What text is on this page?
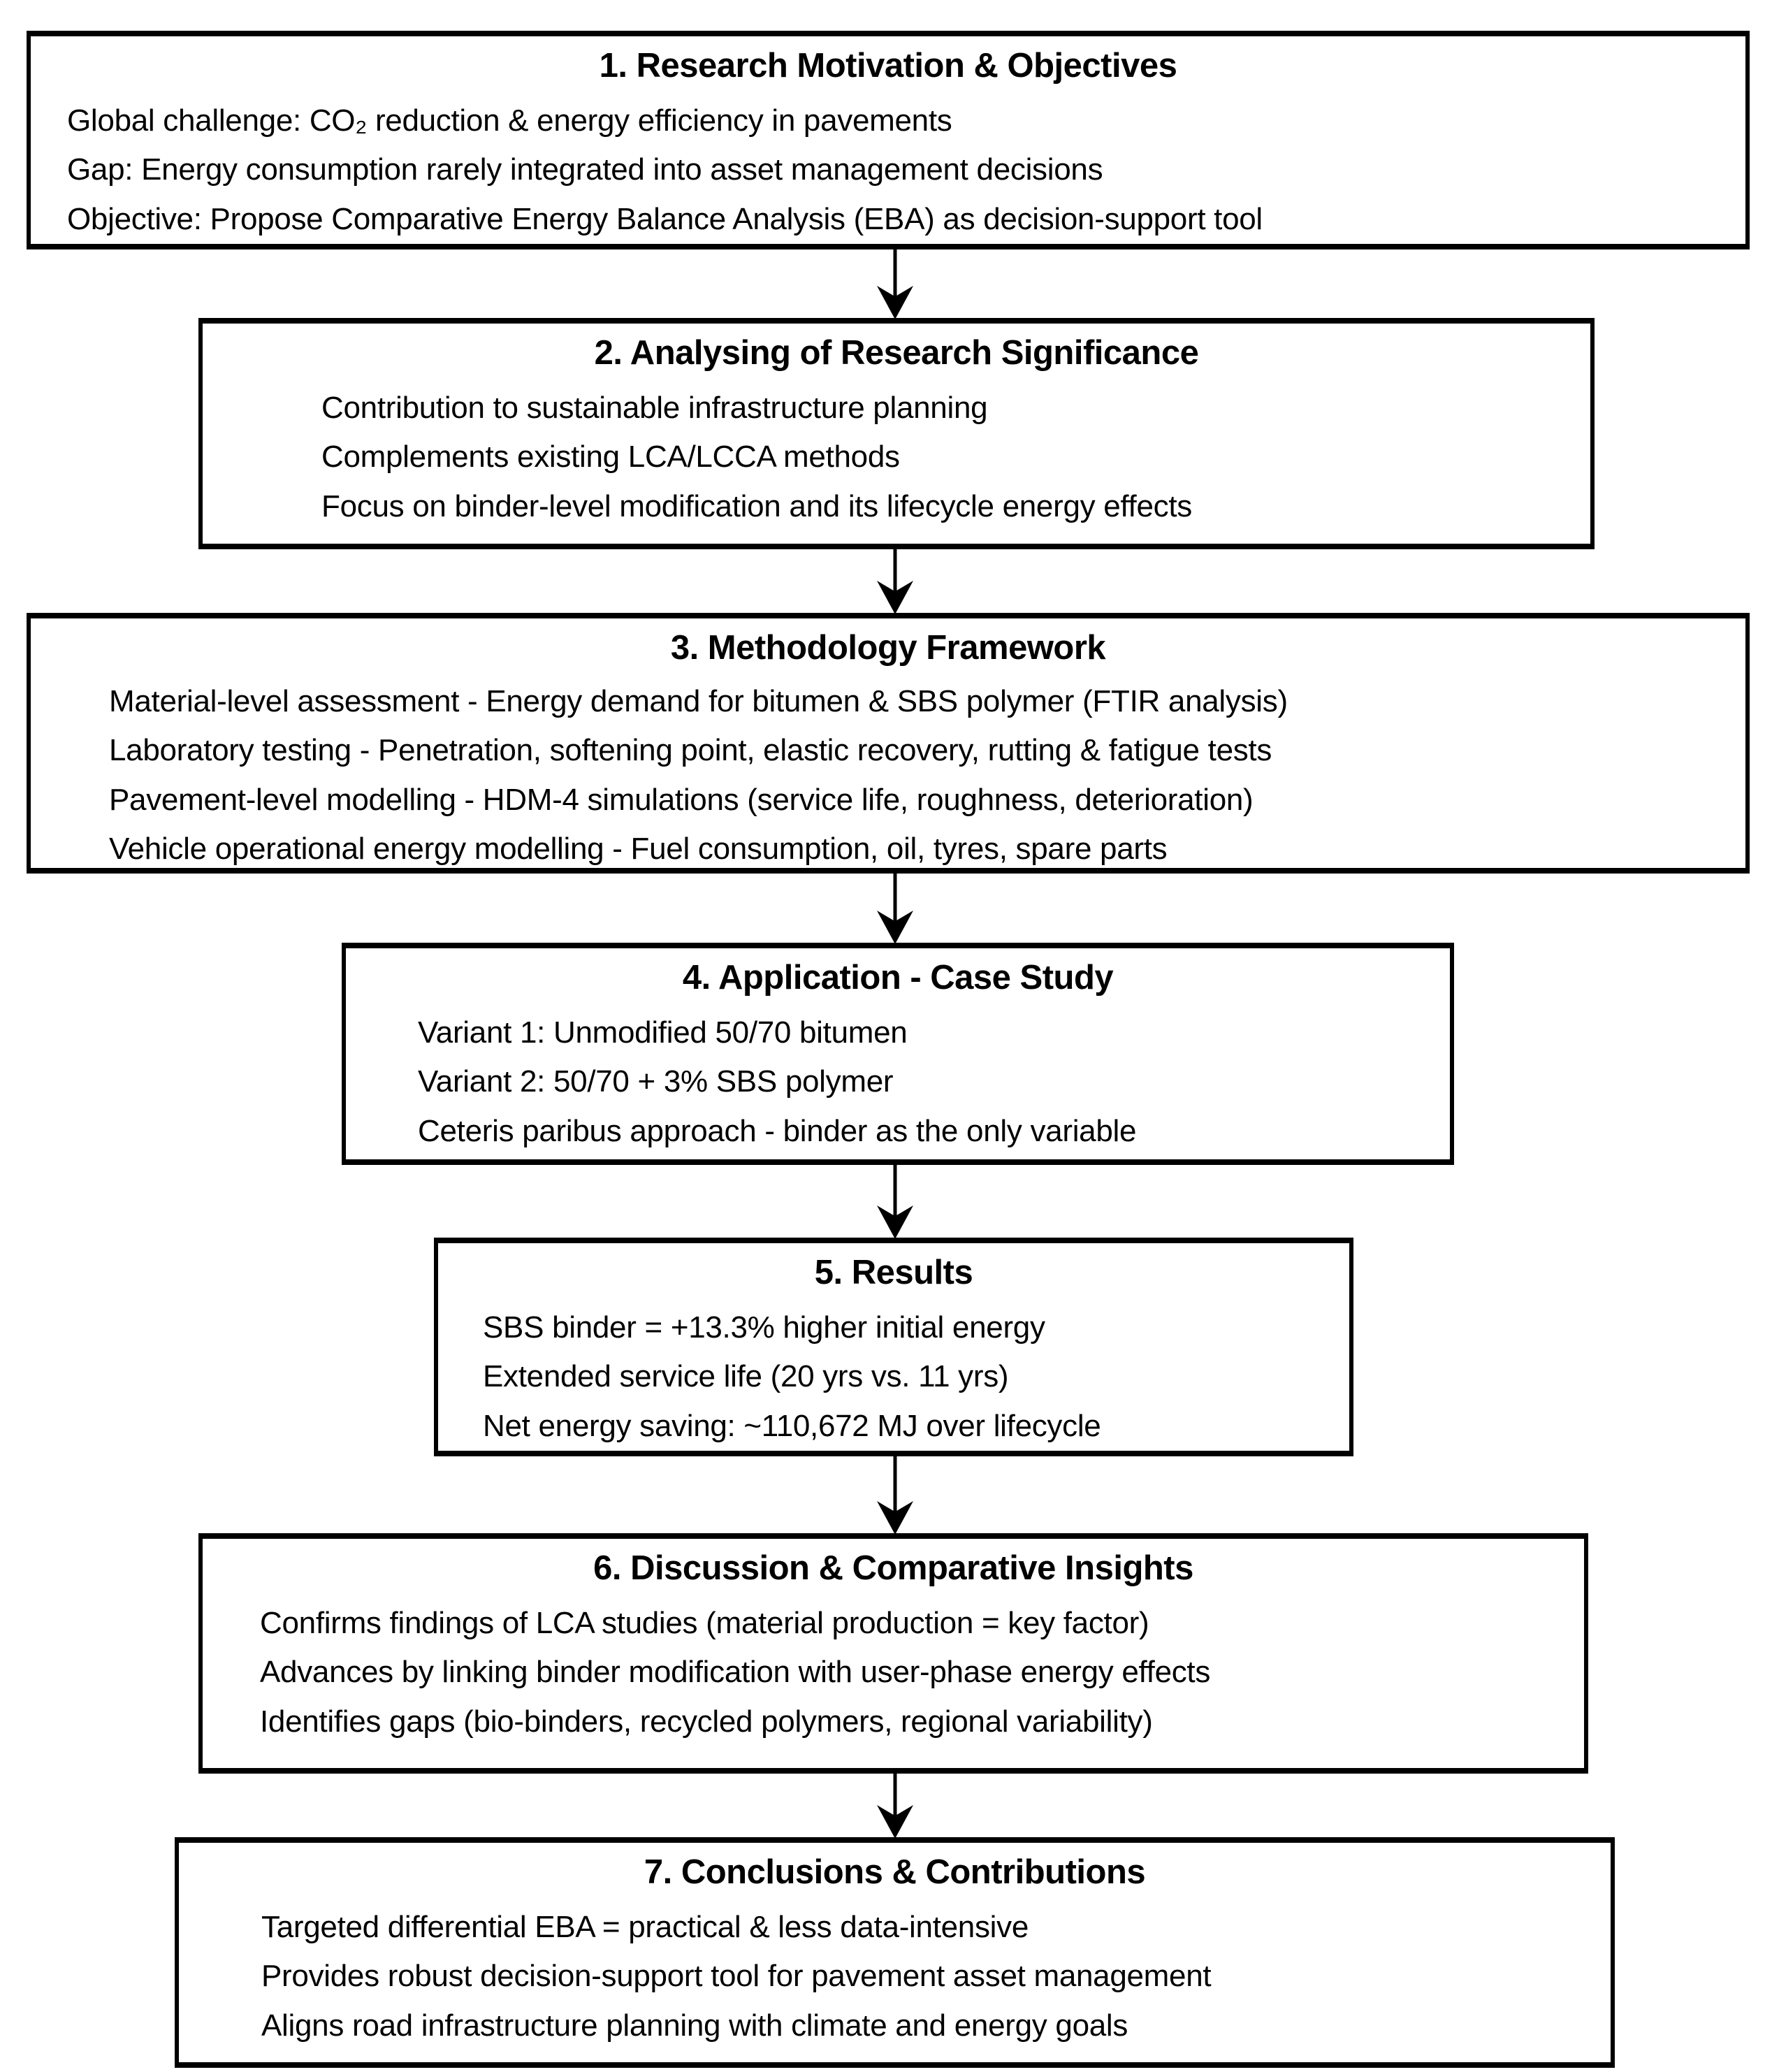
1. Research Motivation & Objectives

Global challenge: CO₂ reduction & energy efficiency in pavements

Gap: Energy consumption rarely integrated into asset management decisions

Objective: Propose Comparative Energy Balance Analysis (EBA) as decision-support tool

2. Analysing of Research Significance

Contribution to sustainable infrastructure planning

Complements existing LCA/LCCA methods

Focus on binder-level modification and its lifecycle energy effects

3. Methodology Framework

Material-level assessment - Energy demand for bitumen & SBS polymer (FTIR analysis)

Laboratory testing - Penetration, softening point, elastic recovery, rutting & fatigue tests

Pavement-level modelling - HDM-4 simulations (service life, roughness, deterioration)

Vehicle operational energy modelling - Fuel consumption, oil, tyres, spare parts

4. Application - Case Study

Variant 1: Unmodified 50/70 bitumen

Variant 2: 50/70 + 3% SBS polymer

Ceteris paribus approach - binder as the only variable

5. Results

SBS binder = +13.3% higher initial energy

Extended service life (20 yrs vs. 11 yrs)

Net energy saving: ~110,672 MJ over lifecycle

6. Discussion & Comparative Insights

Confirms findings of LCA studies (material production = key factor)

Advances by linking binder modification with user-phase energy effects

Identifies gaps (bio-binders, recycled polymers, regional variability)

7. Conclusions & Contributions

Targeted differential EBA = practical & less data-intensive

Provides robust decision-support tool for pavement asset management

Aligns road infrastructure planning with climate and energy goals
